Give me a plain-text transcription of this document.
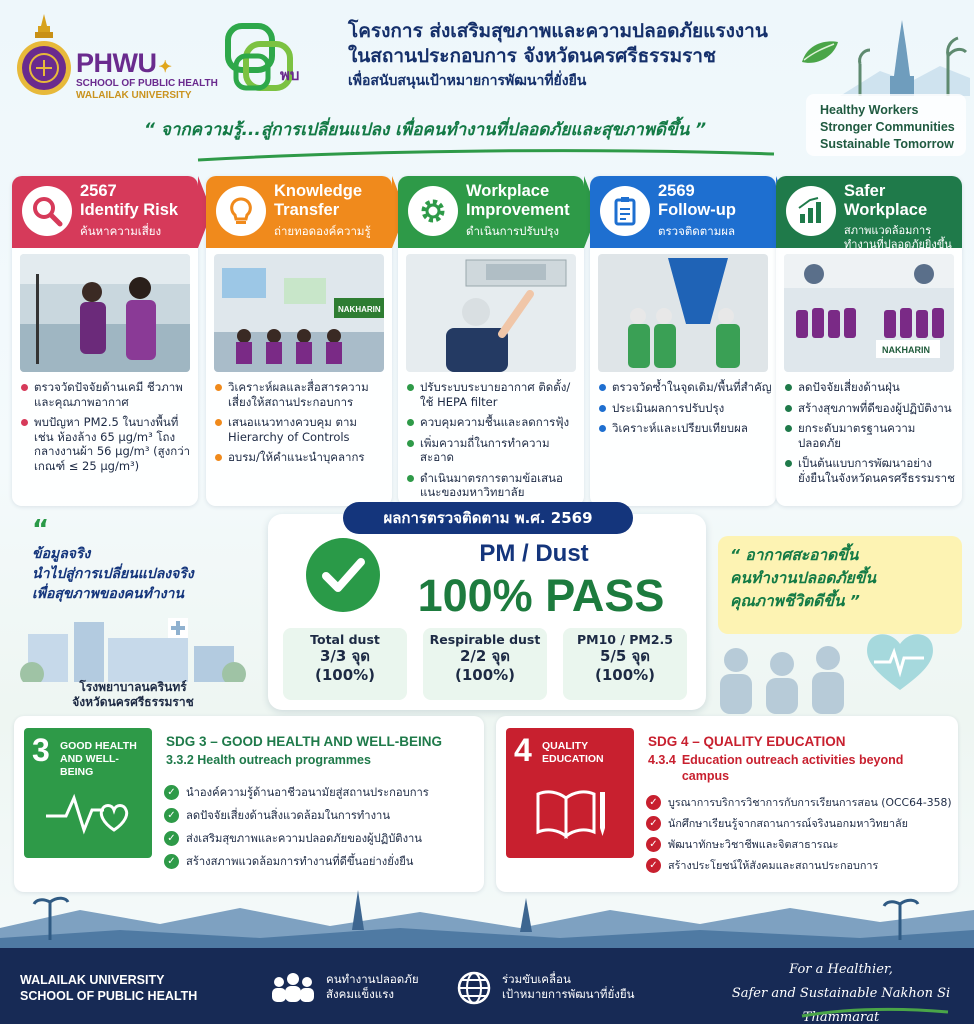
PHWU ✦
SCHOOL OF PUBLIC HEALTH
WALAILAK UNIVERSITY
พบ
โครงการ ส่งเสริมสุขภาพและความปลอดภัยแรงงาน
ในสถานประกอบการ จังหวัดนครศรีธรรมราช
เพื่อสนับสนุนเป้าหมายการพัฒนาที่ยั่งยืน
Healthy Workers
Stronger Communities
Sustainable Tomorrow
“ จากความรู้...สู่การเปลี่ยนแปลง เพื่อคนทำงานที่ปลอดภัยและสุขภาพดีขึ้น ”
2567
Identify Risk
ค้นหาความเสี่ยง
ตรวจวัดปัจจัยด้านเคมี ชีวภาพ และคุณภาพอากาศ
พบปัญหา PM2.5 ในบางพื้นที่ เช่น ห้องล้าง 65 µg/m³ โถงกลางงานผ้า 56 µg/m³ (สูงกว่าเกณฑ์ ≤ 25 µg/m³)
Knowledge
Transfer
ถ่ายทอดองค์ความรู้
NAKHARIN
วิเคราะห์ผลและสื่อสารความเสี่ยงให้สถานประกอบการ
เสนอแนวทางควบคุม ตาม Hierarchy of Controls
อบรม/ให้คำแนะนำบุคลากร
Workplace
Improvement
ดำเนินการปรับปรุง
ปรับระบบระบายอากาศ ติดตั้ง/ใช้ HEPA filter
ควบคุมความชื้นและลดการฟุ้ง
เพิ่มความถี่ในการทำความสะอาด
ดำเนินมาตรการตามข้อเสนอแนะของมหาวิทยาลัย
2569
Follow-up
ตรวจติดตามผล
ตรวจวัดซ้ำในจุดเดิม/พื้นที่สำคัญ
ประเมินผลการปรับปรุง
วิเคราะห์และเปรียบเทียบผล
Safer
Workplace
สภาพแวดล้อมการทำงานที่ปลอดภัยยิ่งขึ้น
NAKHARIN
ลดปัจจัยเสี่ยงด้านฝุ่น
สร้างสุขภาพที่ดีของผู้ปฏิบัติงาน
ยกระดับมาตรฐานความปลอดภัย
เป็นต้นแบบการพัฒนาอย่างยั่งยืนในจังหวัดนครศรีธรรมราช
“
ข้อมูลจริง
นำไปสู่การเปลี่ยนแปลงจริง
เพื่อสุขภาพของคนทำงาน
โรงพยาบาลนครินทร์
จังหวัดนครศรีธรรมราช
ผลการตรวจติดตาม พ.ศ. 2569
PM / Dust
100% PASS
Total dust
3/3 จุด
(100%)
Respirable dust
2/2 จุด
(100%)
PM10 / PM2.5
5/5 จุด
(100%)
“ อากาศสะอาดขึ้น
คนทำงานปลอดภัยขึ้น
คุณภาพชีวิตดีขึ้น ”
3 GOOD HEALTH AND WELL-BEING
SDG 3 – GOOD HEALTH AND WELL-BEING
3.3.2 Health outreach programmes
✓ นำองค์ความรู้ด้านอาชีวอนามัยสู่สถานประกอบการ
✓ ลดปัจจัยเสี่ยงด้านสิ่งแวดล้อมในการทำงาน
✓ ส่งเสริมสุขภาพและความปลอดภัยของผู้ปฏิบัติงาน
✓ สร้างสภาพแวดล้อมการทำงานที่ดีขึ้นอย่างยั่งยืน
4 QUALITY EDUCATION
SDG 4 – QUALITY EDUCATION
4.3.4 Education outreach activities beyond campus
✓ บูรณาการบริการวิชาการกับการเรียนการสอน (OCC64-358)
✓ นักศึกษาเรียนรู้จากสถานการณ์จริงนอกมหาวิทยาลัย
✓ พัฒนาทักษะวิชาชีพและจิตสาธารณะ
✓ สร้างประโยชน์ให้สังคมและสถานประกอบการ
WALAILAK UNIVERSITY
SCHOOL OF PUBLIC HEALTH
คนทำงานปลอดภัย
สังคมแข็งแรง
ร่วมขับเคลื่อน
เป้าหมายการพัฒนาที่ยั่งยืน
For a Healthier,
Safer and Sustainable Nakhon Si Thammarat
